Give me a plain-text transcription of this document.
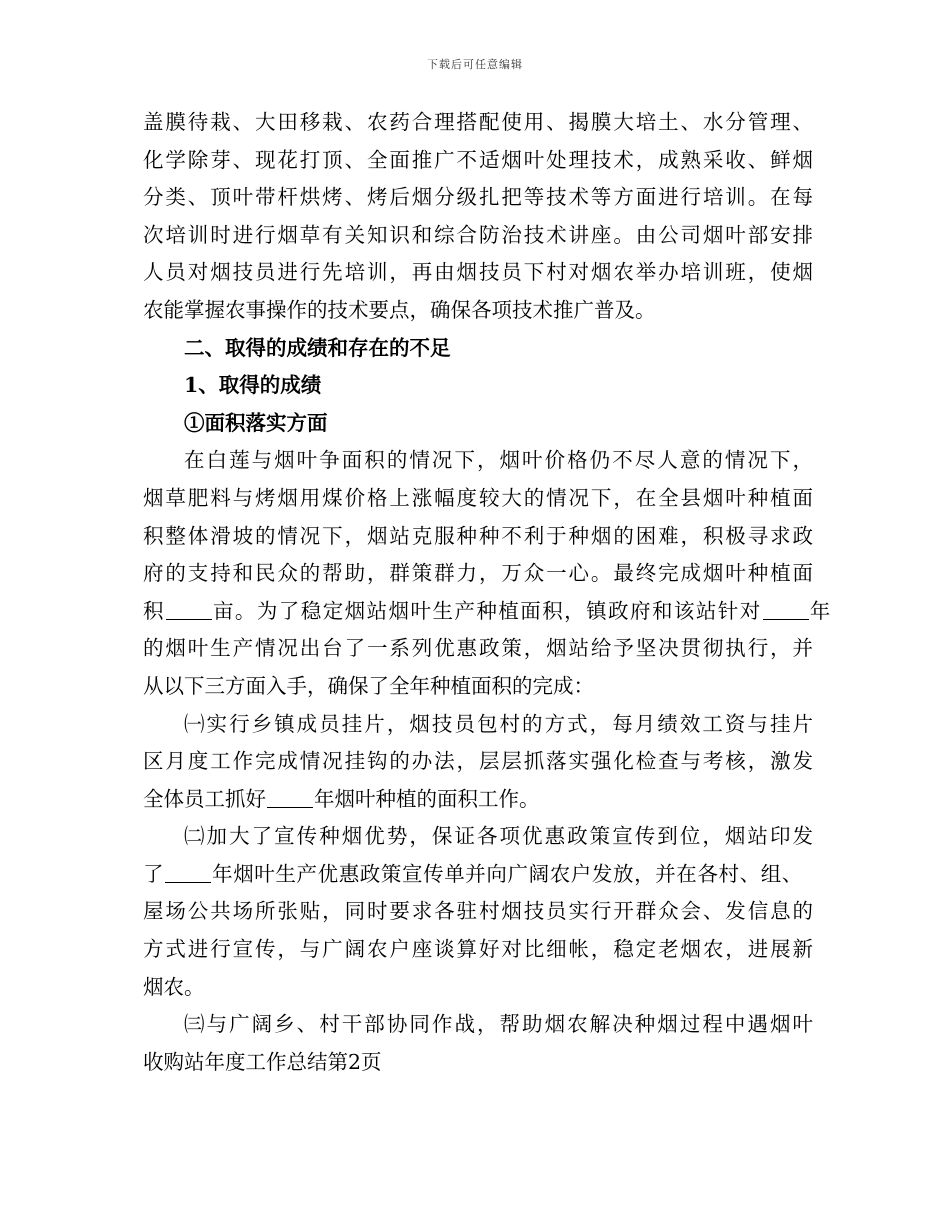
下载后可任意编辑
盖膜待栽、大田移栽、农药合理搭配使用、揭膜大培土、水分管理、
化学除芽、现花打顶、全面推广不适烟叶处理技术，成熟采收、鲜烟
分类、顶叶带杆烘烤、烤后烟分级扎把等技术等方面进行培训。在每
次培训时进行烟草有关知识和综合防治技术讲座。由公司烟叶部安排
人员对烟技员进行先培训，再由烟技员下村对烟农举办培训班，使烟
农能掌握农事操作的技术要点，确保各项技术推广普及。
二、取得的成绩和存在的不足
1、取得的成绩
①面积落实方面
在白莲与烟叶争面积的情况下，烟叶价格仍不尽人意的情况下，
烟草肥料与烤烟用煤价格上涨幅度较大的情况下，在全县烟叶种植面
积整体滑坡的情况下，烟站克服种种不利于种烟的困难，积极寻求政
府的支持和民众的帮助，群策群力，万众一心。最终完成烟叶种植面
积 亩。为了稳定烟站烟叶生产种植面积，镇政府和该站针对 年
的烟叶生产情况出台了一系列优惠政策，烟站给予坚决贯彻执行，并
从以下三方面入手，确保了全年种植面积的完成：
㈠实行乡镇成员挂片，烟技员包村的方式，每月绩效工资与挂片
区月度工作完成情况挂钩的办法，层层抓落实强化检查与考核，激发
全体员工抓好 年烟叶种植的面积工作。
㈡加大了宣传种烟优势，保证各项优惠政策宣传到位，烟站印发
了 年烟叶生产优惠政策宣传单并向广阔农户发放，并在各村、组、
屋场公共场所张贴，同时要求各驻村烟技员实行开群众会、发信息的
方式进行宣传，与广阔农户座谈算好对比细帐，稳定老烟农，进展新
烟农。
㈢与广阔乡、村干部协同作战，帮助烟农解决种烟过程中遇烟叶
收购站年度工作总结第2页
